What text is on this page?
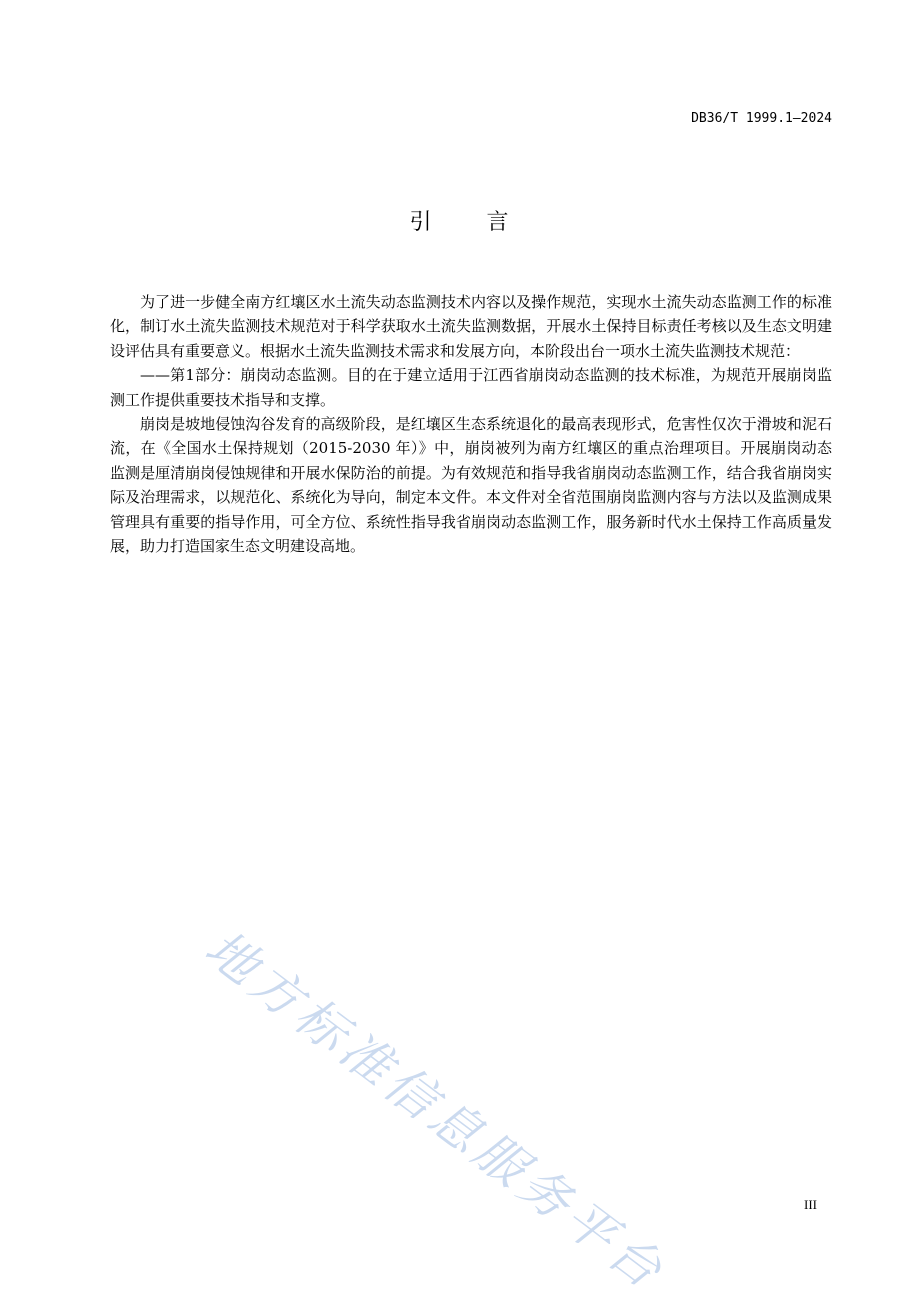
DB36/T 1999.1—2024
引 言

为了进一步健全南方红壤区水土流失动态监测技术内容以及操作规范，实现水土流失动态监测工作的标准化，制订水土流失监测技术规范对于科学获取水土流失监测数据，开展水土保持目标责任考核以及生态文明建设评估具有重要意义。根据水土流失监测技术需求和发展方向，本阶段出台一项水土流失监测技术规范：

——第1部分：崩岗动态监测。目的在于建立适用于江西省崩岗动态监测的技术标准，为规范开展崩岗监测工作提供重要技术指导和支撑。

崩岗是坡地侵蚀沟谷发育的高级阶段，是红壤区生态系统退化的最高表现形式，危害性仅次于滑坡和泥石流，在《全国水土保持规划（2015-2030 年）》中，崩岗被列为南方红壤区的重点治理项目。开展崩岗动态监测是厘清崩岗侵蚀规律和开展水保防治的前提。为有效规范和指导我省崩岗动态监测工作，结合我省崩岗实际及治理需求，以规范化、系统化为导向，制定本文件。本文件对全省范围崩岗监测内容与方法以及监测成果管理具有重要的指导作用，可全方位、系统性指导我省崩岗动态监测工作，服务新时代水土保持工作高质量发展，助力打造国家生态文明建设高地。

地方标准信息服务平台	III
